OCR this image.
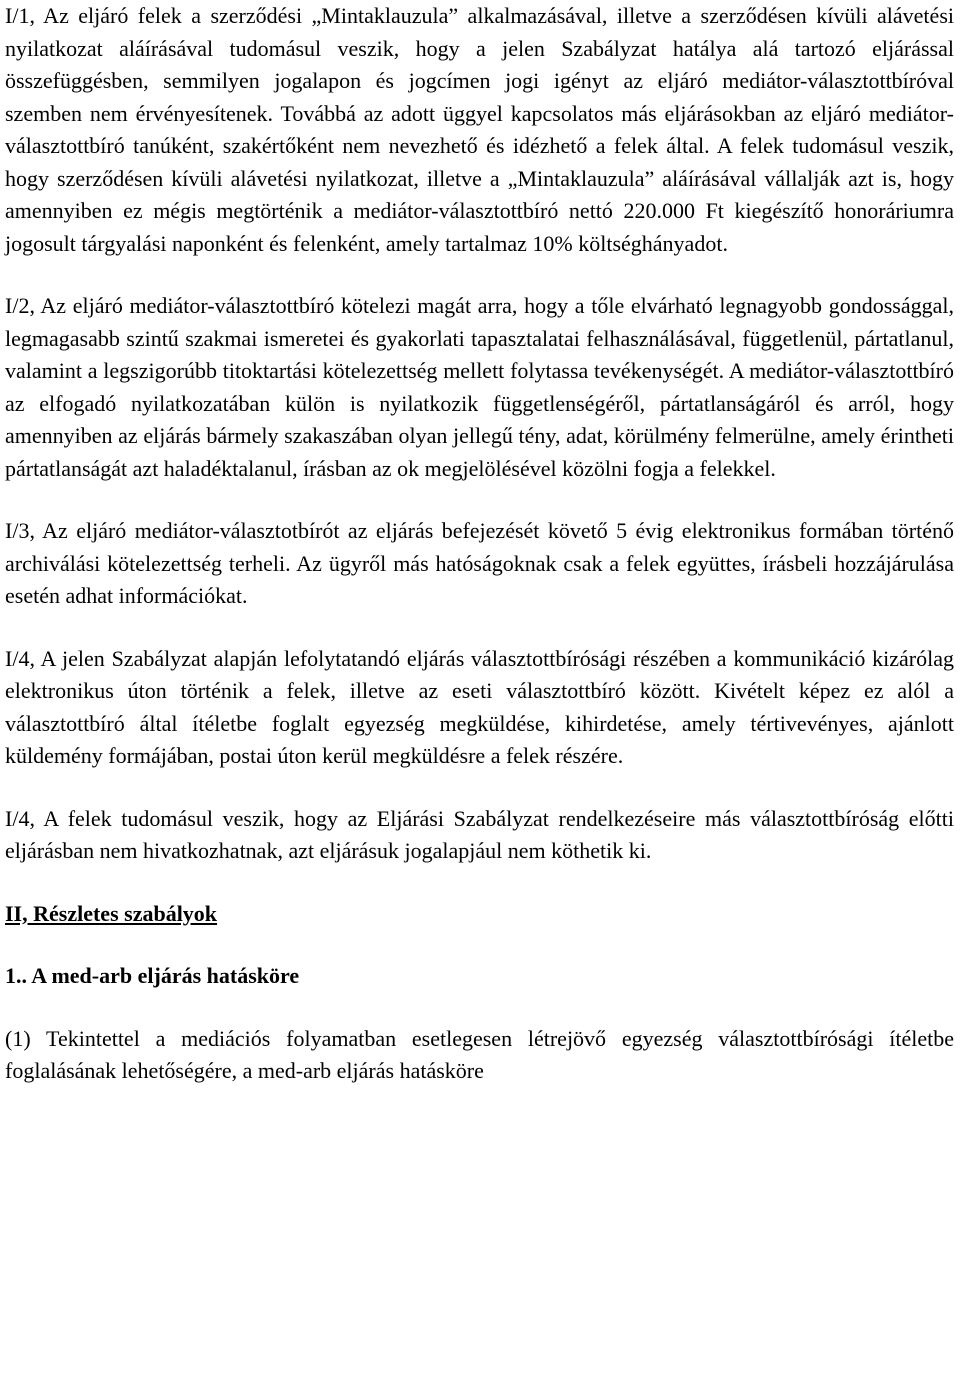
I/1, Az eljáró felek a szerződési „Mintaklauzula” alkalmazásával, illetve a szerződésen kívüli alávetési nyilatkozat aláírásával tudomásul veszik, hogy a jelen Szabályzat hatálya alá tartozó eljárással összefüggésben, semmilyen jogalapon és jogcímen jogi igényt az eljáró mediátor-választottbíróval szemben nem érvényesítenek. Továbbá az adott üggyel kapcsolatos más eljárásokban az eljáró mediátor-választottbíró tanúként, szakértőként nem nevezhető és idézhető a felek által. A felek tudomásul veszik, hogy szerződésen kívüli alávetési nyilatkozat, illetve a „Mintaklauzula” aláírásával vállalják azt is, hogy amennyiben ez mégis megtörténik a mediátor-választottbíró nettó 220.000 Ft kiegészítő honoráriumra jogosult tárgyalási naponként és felenként, amely tartalmaz 10% költséghányadot.

I/2, Az eljáró mediátor-választottbíró kötelezi magát arra, hogy a tőle elvárható legnagyobb gondossággal, legmagasabb szintű szakmai ismeretei és gyakorlati tapasztalatai felhasználásával, függetlenül, pártatlanul, valamint a legszigorúbb titoktartási kötelezettség mellett folytassa tevékenységét. A mediátor-választottbíró az elfogadó nyilatkozatában külön is nyilatkozik függetlenségéről, pártatlanságáról és arról, hogy amennyiben az eljárás bármely szakaszában olyan jellegű tény, adat, körülmény felmerülne, amely érintheti pártatlanságát azt haladéktalanul, írásban az ok megjelölésével közölni fogja a felekkel.

I/3, Az eljáró mediátor-választotbírót az eljárás befejezését követő 5 évig elektronikus formában történő archiválási kötelezettség terheli. Az ügyről más hatóságoknak csak a felek együttes, írásbeli hozzájárulása esetén adhat információkat.

I/4, A jelen Szabályzat alapján lefolytatandó eljárás választottbírósági részében a kommunikáció kizárólag elektronikus úton történik a felek, illetve az eseti választottbíró között. Kivételt képez ez alól a választottbíró által ítéletbe foglalt egyezség megküldése, kihirdetése, amely tértivevényes, ajánlott küldemény formájában, postai úton kerül megküldésre a felek részére.

I/4, A felek tudomásul veszik, hogy az Eljárási Szabályzat rendelkezéseire más választottbíróság előtti eljárásban nem hivatkozhatnak, azt eljárásuk jogalapjául nem köthetik ki.

II, Részletes szabályok
1.. A med-arb eljárás hatásköre

(1) Tekintettel a mediációs folyamatban esetlegesen létrejövő egyezség választottbírósági ítéletbe foglalásának lehetőségére, a med-arb eljárás hatásköre
